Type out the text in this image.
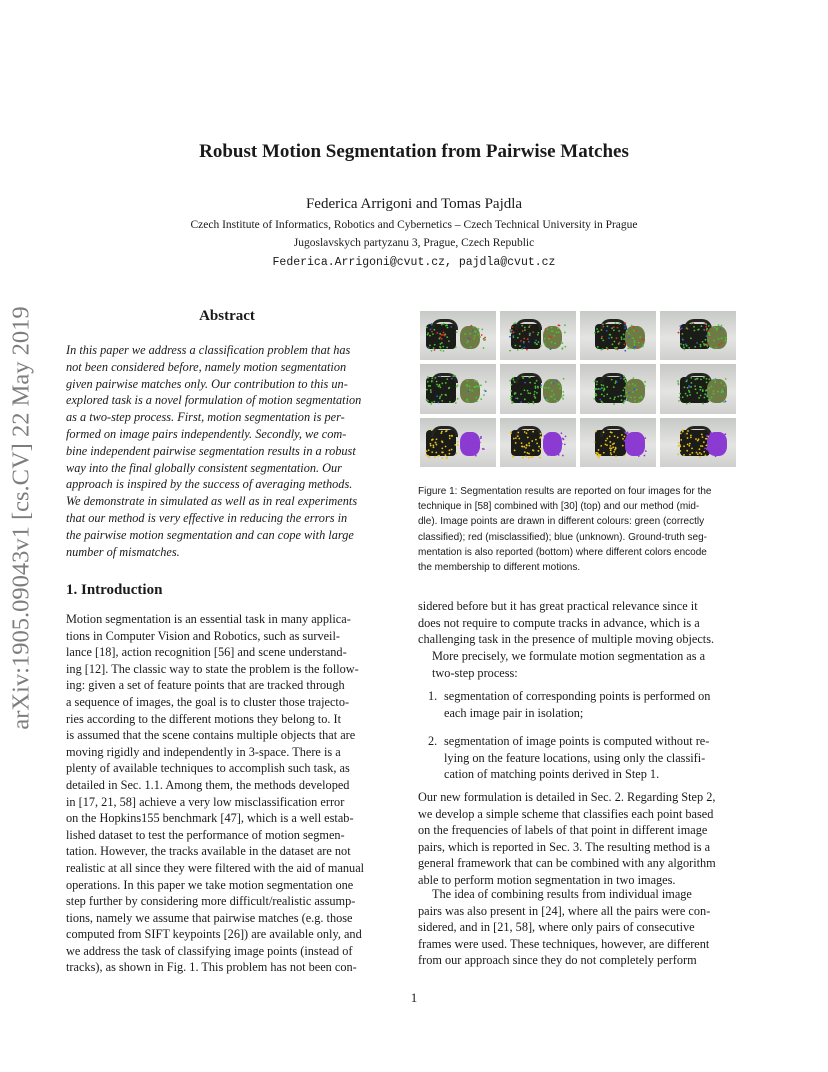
arXiv:1905.09043v1 [cs.CV] 22 May 2019
Robust Motion Segmentation from Pairwise Matches
Federica Arrigoni and Tomas Pajdla
Czech Institute of Informatics, Robotics and Cybernetics – Czech Technical University in Prague
Jugoslavskych partyzanu 3, Prague, Czech Republic
Federica.Arrigoni@cvut.cz, pajdla@cvut.cz
Abstract
In this paper we address a classification problem that has
not been considered before, namely motion segmentation
given pairwise matches only. Our contribution to this un-
explored task is a novel formulation of motion segmentation
as a two-step process. First, motion segmentation is per-
formed on image pairs independently. Secondly, we com-
bine independent pairwise segmentation results in a robust
way into the final globally consistent segmentation. Our
approach is inspired by the success of averaging methods.
We demonstrate in simulated as well as in real experiments
that our method is very effective in reducing the errors in
the pairwise motion segmentation and can cope with large
number of mismatches.
1. Introduction
Motion segmentation is an essential task in many applica-
tions in Computer Vision and Robotics, such as surveil-
lance [18], action recognition [56] and scene understand-
ing [12]. The classic way to state the problem is the follow-
ing: given a set of feature points that are tracked through
a sequence of images, the goal is to cluster those trajecto-
ries according to the different motions they belong to. It
is assumed that the scene contains multiple objects that are
moving rigidly and independently in 3-space. There is a
plenty of available techniques to accomplish such task, as
detailed in Sec. 1.1. Among them, the methods developed
in [17, 21, 58] achieve a very low misclassification error
on the Hopkins155 benchmark [47], which is a well estab-
lished dataset to test the performance of motion segmen-
tation. However, the tracks available in the dataset are not
realistic at all since they were filtered with the aid of manual
operations. In this paper we take motion segmentation one
step further by considering more difficult/realistic assump-
tions, namely we assume that pairwise matches (e.g. those
computed from SIFT keypoints [26]) are available only, and
we address the task of classifying image points (instead of
tracks), as shown in Fig. 1. This problem has not been con-
Figure 1: Segmentation results are reported on four images for the
technique in [58] combined with [30] (top) and our method (mid-
dle). Image points are drawn in different colours: green (correctly
classified); red (misclassified); blue (unknown). Ground-truth seg-
mentation is also reported (bottom) where different colors encode
the membership to different motions.
sidered before but it has great practical relevance since it
does not require to compute tracks in advance, which is a
challenging task in the presence of multiple moving objects.
More precisely, we formulate motion segmentation as a
two-step process:
1. segmentation of corresponding points is performed on
each image pair in isolation;
2. segmentation of image points is computed without re-
lying on the feature locations, using only the classifi-
cation of matching points derived in Step 1.
Our new formulation is detailed in Sec. 2. Regarding Step 2,
we develop a simple scheme that classifies each point based
on the frequencies of labels of that point in different image
pairs, which is reported in Sec. 3. The resulting method is a
general framework that can be combined with any algorithm
able to perform motion segmentation in two images.
The idea of combining results from individual image
pairs was also present in [24], where all the pairs were con-
sidered, and in [21, 58], where only pairs of consecutive
frames were used. These techniques, however, are different
from our approach since they do not completely perform
1
